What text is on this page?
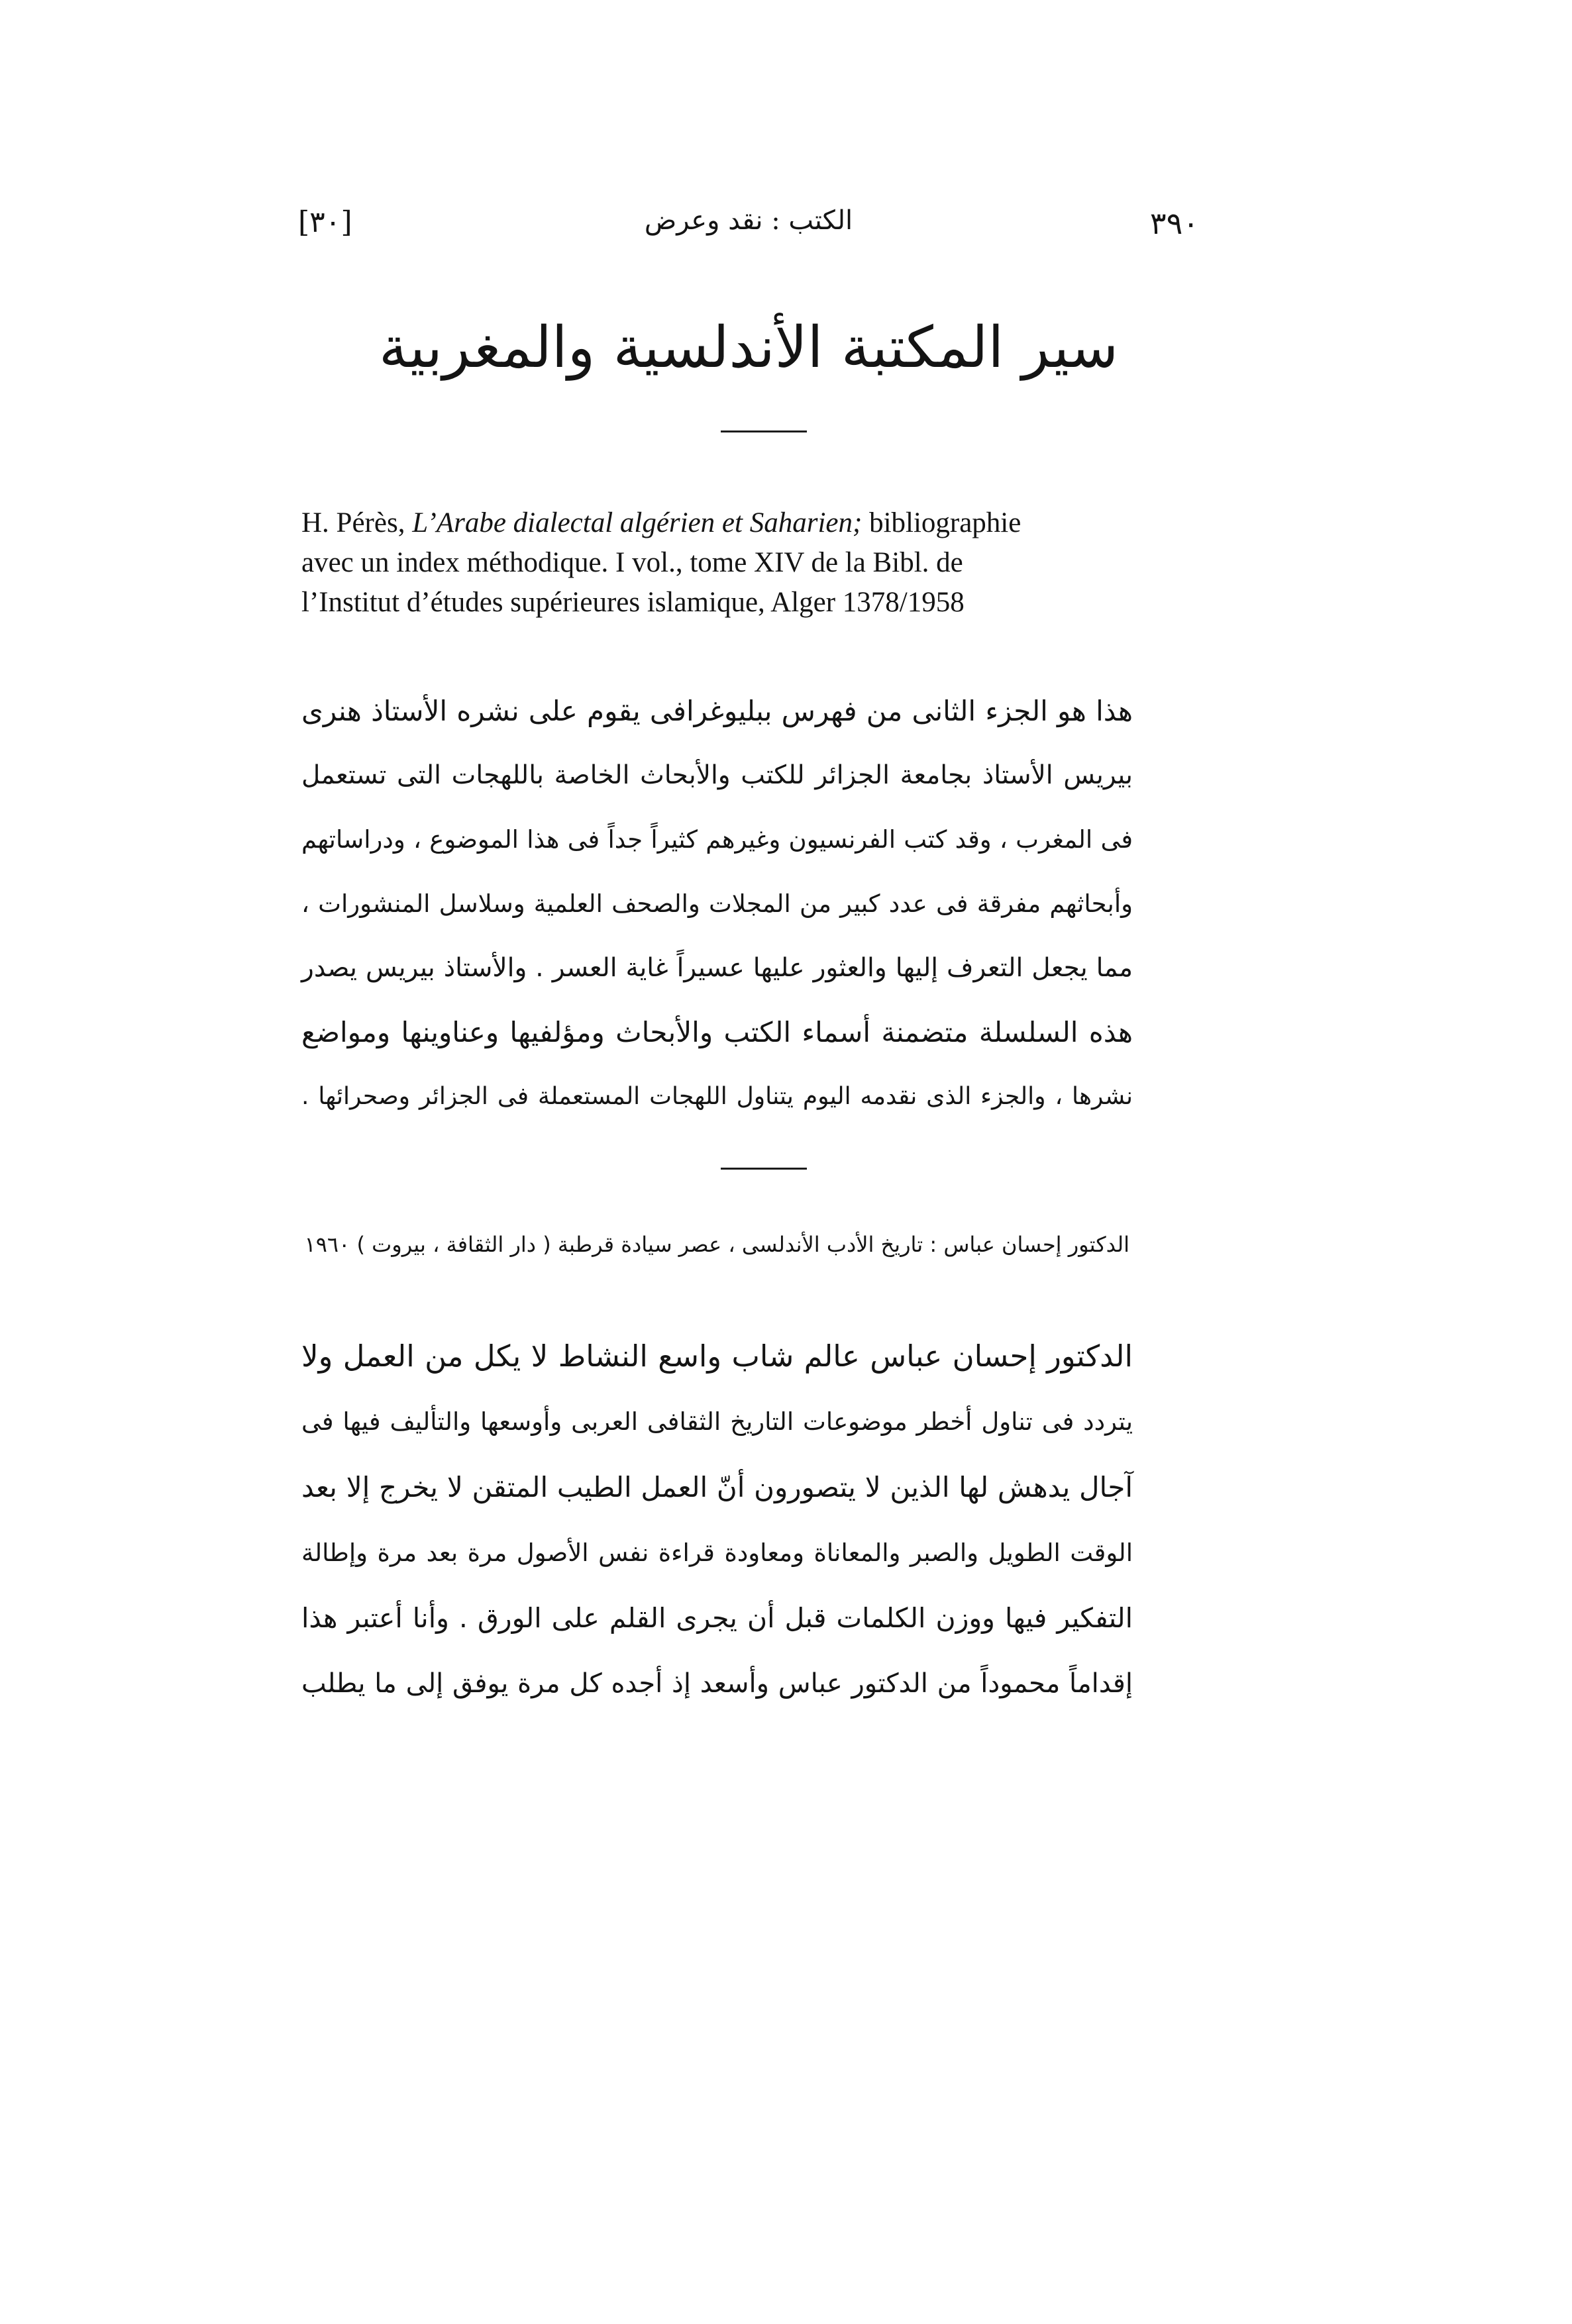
[٣٠]	الكتب : نقد وعرض	٣٩٠
سير المكتبة الأندلسية والمغربية
H. Pérès, L’Arabe dialectal algérien et Saharien; bibliographie
avec un index méthodique. I vol., tome XIV de la Bibl. de
l’Institut d’études supérieures islamique, Alger 1378/1958
هذا هو الجزء الثانى من فهرس ببليوغرافى يقوم على نشره الأستاذ هنرى
بيريس الأستاذ بجامعة الجزائر للكتب والأبحاث الخاصة باللهجات التى تستعمل
فى المغرب ، وقد كتب الفرنسيون وغيرهم كثيراً جداً فى هذا الموضوع ، ودراساتهم
وأبحاثهم مفرقة فى عدد كبير من المجلات والصحف العلمية وسلاسل المنشورات ،
مما يجعل التعرف إليها والعثور عليها عسيراً غاية العسر . والأستاذ بيريس يصدر
هذه السلسلة متضمنة أسماء الكتب والأبحاث ومؤلفيها وعناوينها ومواضع
نشرها ، والجزء الذى نقدمه اليوم يتناول اللهجات المستعملة فى الجزائر وصحرائها .
الدكتور إحسان عباس : تاريخ الأدب الأندلسى ، عصر سيادة قرطبة ( دار الثقافة ، بيروت ) ١٩٦٠
الدكتور إحسان عباس عالم شاب واسع النشاط لا يكل من العمل ولا
يتردد فى تناول أخطر موضوعات التاريخ الثقافى العربى وأوسعها والتأليف فيها فى
آجال يدهش لها الذين لا يتصورون أنّ العمل الطيب المتقن لا يخرج إلا بعد
الوقت الطويل والصبر والمعاناة ومعاودة قراءة نفس الأصول مرة بعد مرة وإطالة
التفكير فيها ووزن الكلمات قبل أن يجرى القلم على الورق . وأنا أعتبر هذا
إقداماً محموداً من الدكتور عباس وأسعد إذ أجده كل مرة يوفق إلى ما يطلب
